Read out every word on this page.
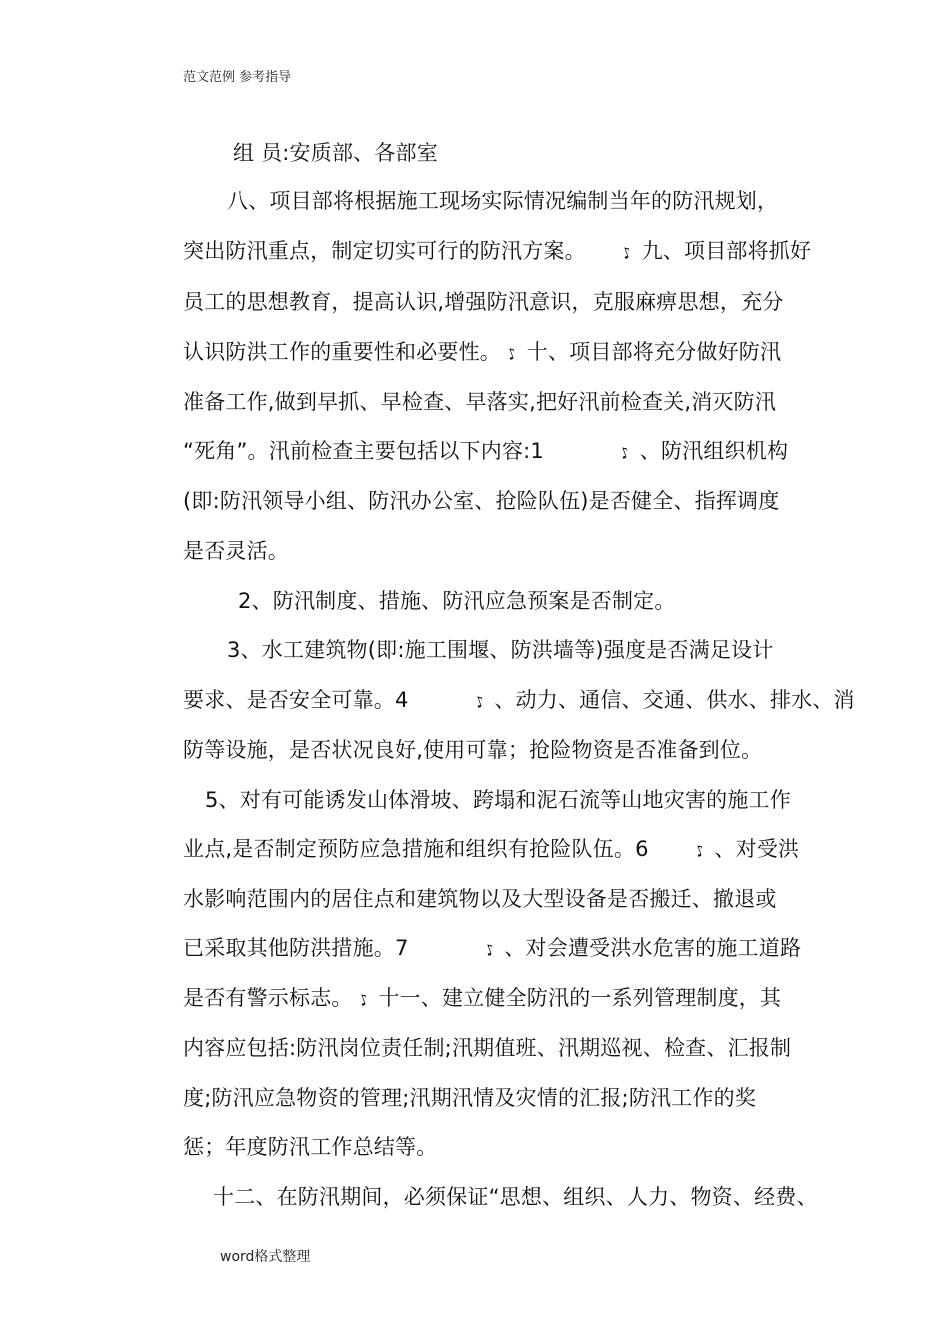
范文范例 参考指导
组 员:安质部、各部室
八、项目部将根据施工现场实际情况编制当年的防汛规划，
突出防汛重点，制定切实可行的防汛方案。 ♪ 九、项目部将抓好
员工的思想教育，提高认识,增强防汛意识，克服麻痹思想，充分
认识防洪工作的重要性和必要性。 ♪ 十、项目部将充分做好防汛
准备工作,做到早抓、早检查、早落实,把好汛前检查关,消灭防汛
“死角”。汛前检查主要包括以下内容:1	♪ 、防汛组织机构
(即:防汛领导小组、防汛办公室、抢险队伍)是否健全、指挥调度
是否灵活。
2、防汛制度、措施、防汛应急预案是否制定。
3、水工建筑物(即:施工围堰、防洪墙等)强度是否满足设计
要求、是否安全可靠。4	♪ 、动力、通信、交通、供水、排水、消
防等设施，是否状况良好,使用可靠；抢险物资是否准备到位。
5、对有可能诱发山体滑坡、跨塌和泥石流等山地灾害的施工作
业点,是否制定预防应急措施和组织有抢险队伍。6	♪ 、对受洪
水影响范围内的居住点和建筑物以及大型设备是否搬迁、撤退或
已采取其他防洪措施。7	♪ 、对会遭受洪水危害的施工道路
是否有警示标志。 ♪ 十一、建立健全防汛的一系列管理制度，其
内容应包括:防汛岗位责任制;汛期值班、汛期巡视、检查、汇报制
度;防汛应急物资的管理;汛期汛情及灾情的汇报;防汛工作的奖
惩；年度防汛工作总结等。
十二、在防汛期间，必须保证“思想、组织、人力、物资、经费、
word格式整理
